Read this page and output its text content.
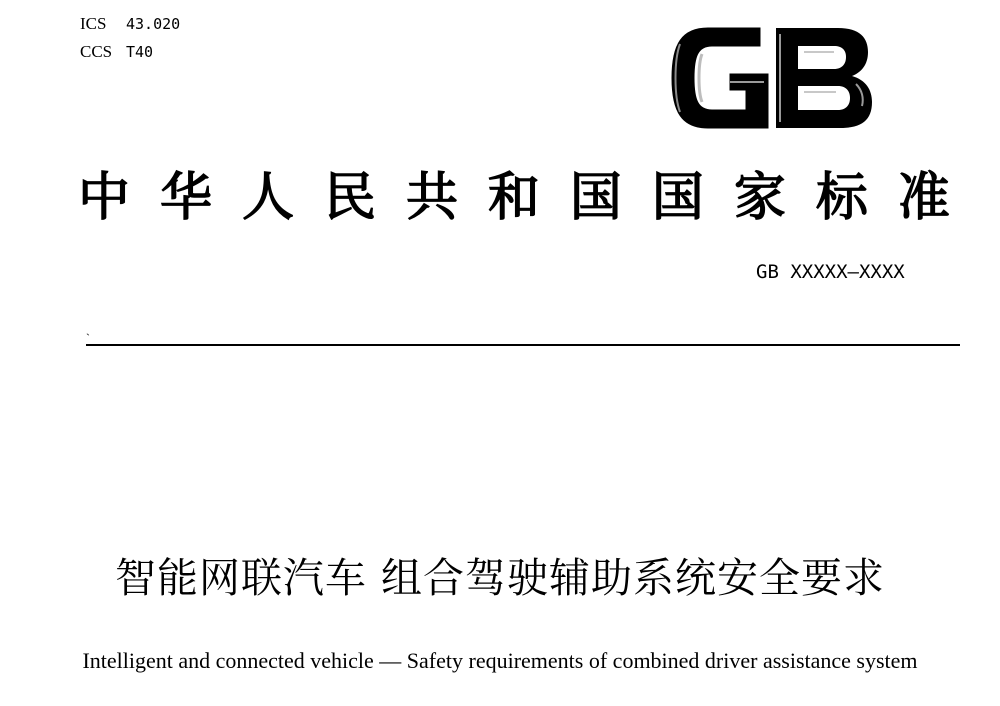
ICS 43.020
CCS T40
中 华 人 民 共 和 国 国 家 标 准
GB XXXXX—XXXX
`
智能网联汽车 组合驾驶辅助系统安全要求
Intelligent and connected vehicle — Safety requirements of combined driver assistance system
